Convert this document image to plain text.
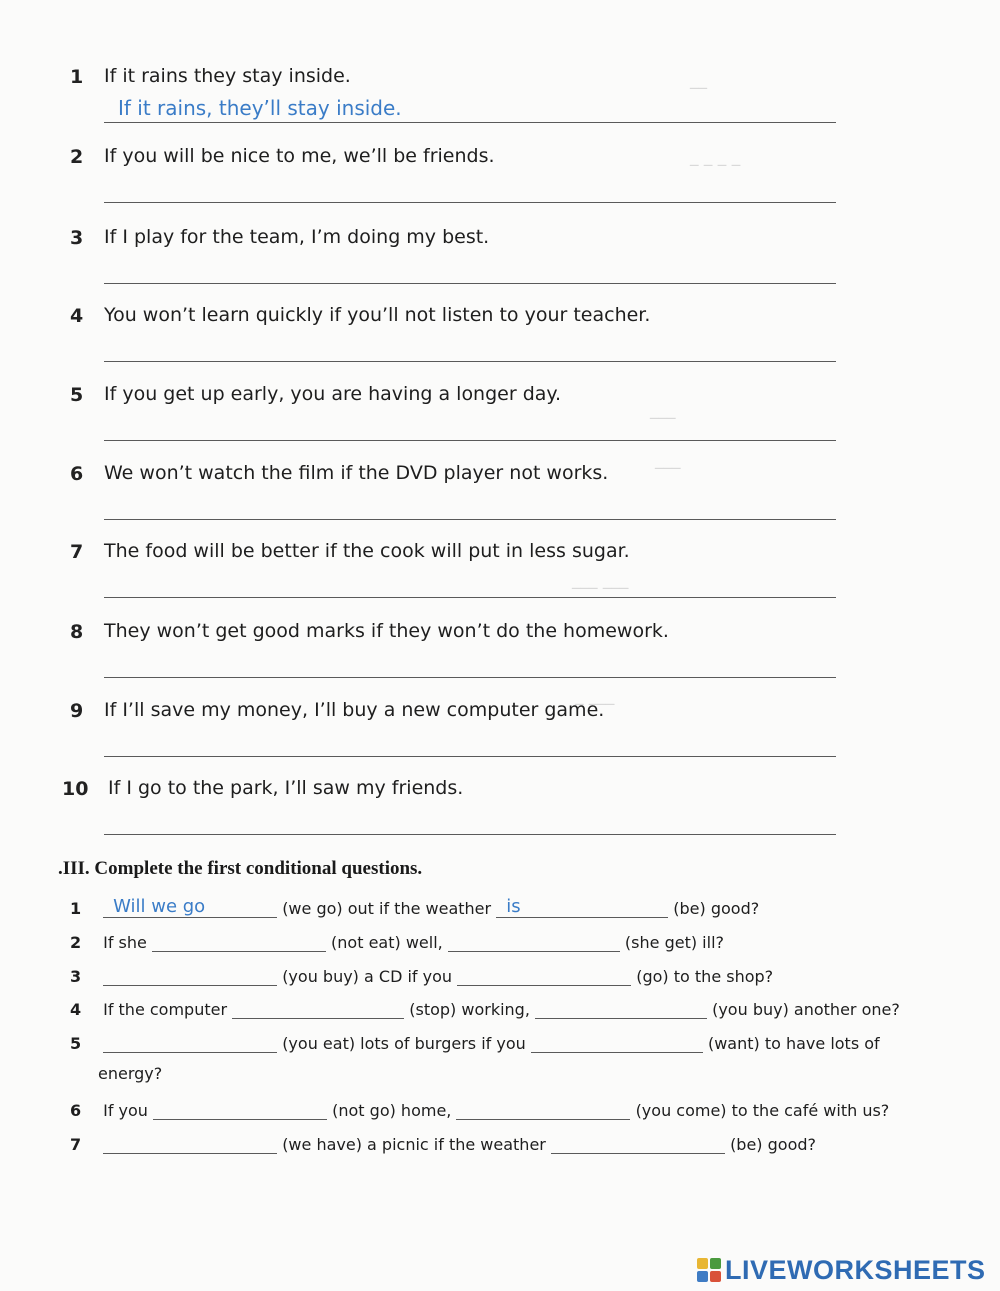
__
_ _ _ _
___
___
___ ___
_ ___
1 If it rains they stay inside.
If it rains, they’ll stay inside.
2 If you will be nice to me, we’ll be friends.
3 If I play for the team, I’m doing my best.
4 You won’t learn quickly if you’ll not listen to your teacher.
5 If you get up early, you are having a longer day.
6 We won’t watch the film if the DVD player not works.
7 The food will be better if the cook will put in less sugar.
8 They won’t get good marks if they won’t do the homework.
9 If I’ll save my money, I’ll buy a new computer game.
10 If I go to the park, I’ll saw my friends.
.III. Complete the first conditional questions.
1 Will we go	(we go) out if the weather is	(be) good?
2 If she	(not eat) well,	(she get) ill?
3	(you buy) a CD if you	(go) to the shop?
4 If the computer	(stop) working,	(you buy) another one?
5	(you eat) lots of burgers if you	(want) to have lots of
energy?
6 If you	(not go) home,	(you come) to the café with us?
7	(we have) a picnic if the weather	(be) good?
LIVEWORKSHEETS
